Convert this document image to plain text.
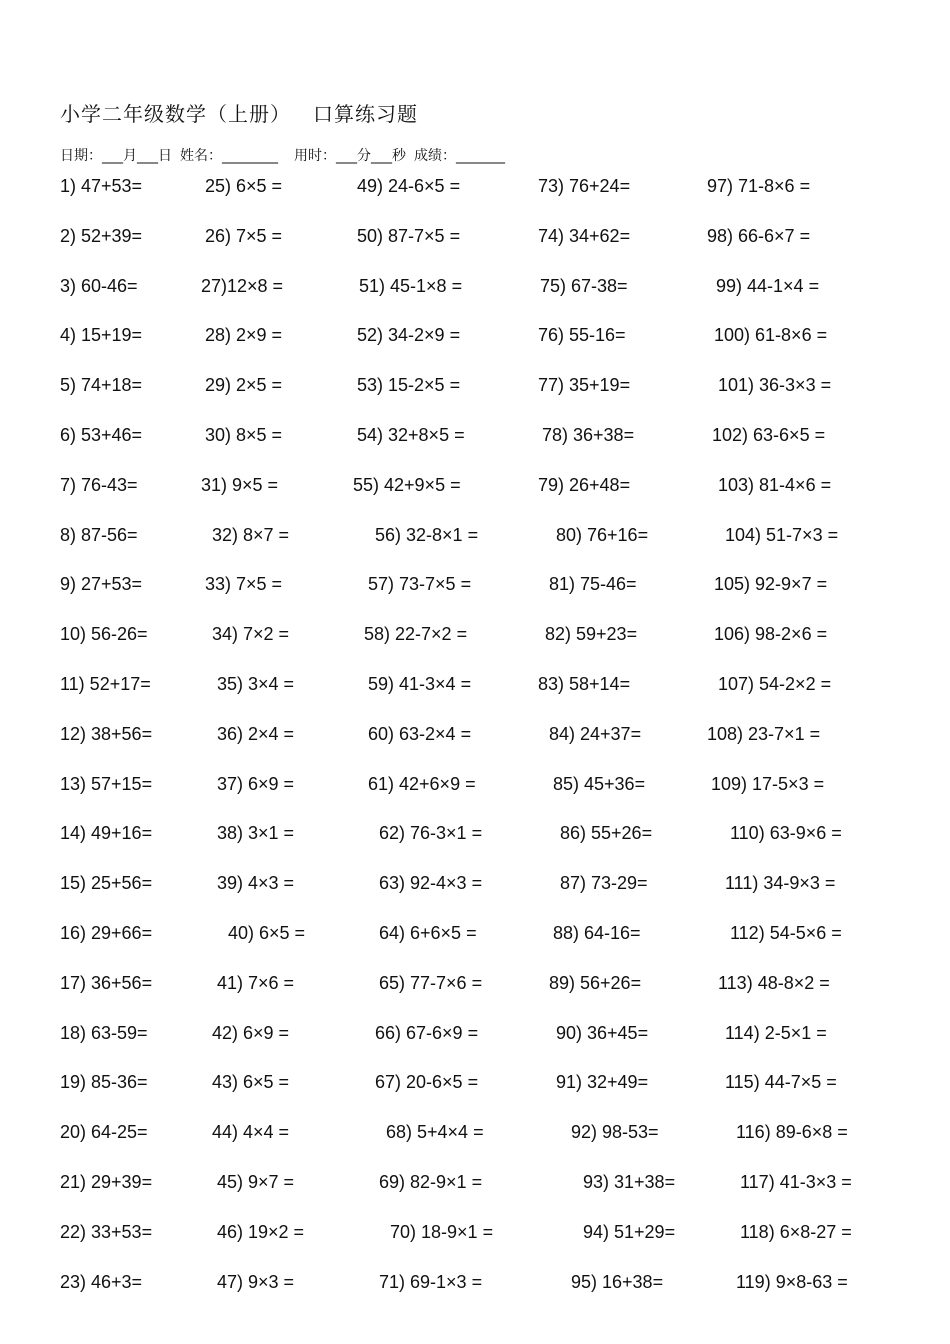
小学二年级数学（上册） 口算练习题
日期：___月___日 姓名：________ 用时：___分___秒 成绩：_______
1) 47+53=	25) 6×5 =	49) 24-6×5 =	73) 76+24=	97) 71-8×6 =
2) 52+39=	26) 7×5 =	50) 87-7×5 =	74) 34+62=	98) 66-6×7 =
3) 60-46=	27)12×8 =	51) 45-1×8 =	75) 67-38=	99) 44-1×4 =
4) 15+19=	28) 2×9 =	52) 34-2×9 =	76) 55-16=	100) 61-8×6 =
5) 74+18=	29) 2×5 =	53) 15-2×5 =	77) 35+19=	101) 36-3×3 =
6) 53+46=	30) 8×5 =	54) 32+8×5 =	78) 36+38=	102) 63-6×5 =
7) 76-43=	31) 9×5 =	55) 42+9×5 =	79) 26+48=	103) 81-4×6 =
8) 87-56=	32) 8×7 =	56) 32-8×1 =	80) 76+16=	104) 51-7×3 =
9) 27+53=	33) 7×5 =	57) 73-7×5 =	81) 75-46=	105) 92-9×7 =
10) 56-26=	34) 7×2 =	58) 22-7×2 =	82) 59+23=	106) 98-2×6 =
11) 52+17=	35) 3×4 =	59) 41-3×4 =	83) 58+14=	107) 54-2×2 =
12) 38+56=	36) 2×4 =	60) 63-2×4 =	84) 24+37=	108) 23-7×1 =
13) 57+15=	37) 6×9 =	61) 42+6×9 =	85) 45+36=	109) 17-5×3 =
14) 49+16=	38) 3×1 =	62) 76-3×1 =	86) 55+26=	110) 63-9×6 =
15) 25+56=	39) 4×3 =	63) 92-4×3 =	87) 73-29=	111) 34-9×3 =
16) 29+66=	40) 6×5 =	64) 6+6×5 =	88) 64-16=	112) 54-5×6 =
17) 36+56=	41) 7×6 =	65) 77-7×6 =	89) 56+26=	113) 48-8×2 =
18) 63-59=	42) 6×9 =	66) 67-6×9 =	90) 36+45=	114) 2-5×1 =
19) 85-36=	43) 6×5 =	67) 20-6×5 =	91) 32+49=	115) 44-7×5 =
20) 64-25=	44) 4×4 =	68) 5+4×4 =	92) 98-53=	116) 89-6×8 =
21) 29+39=	45) 9×7 =	69) 82-9×1 =	93) 31+38=	117) 41-3×3 =
22) 33+53=	46) 19×2 =	70) 18-9×1 =	94) 51+29=	118) 6×8-27 =
23) 46+3=	47) 9×3 =	71) 69-1×3 =	95) 16+38=	119) 9×8-63 =
